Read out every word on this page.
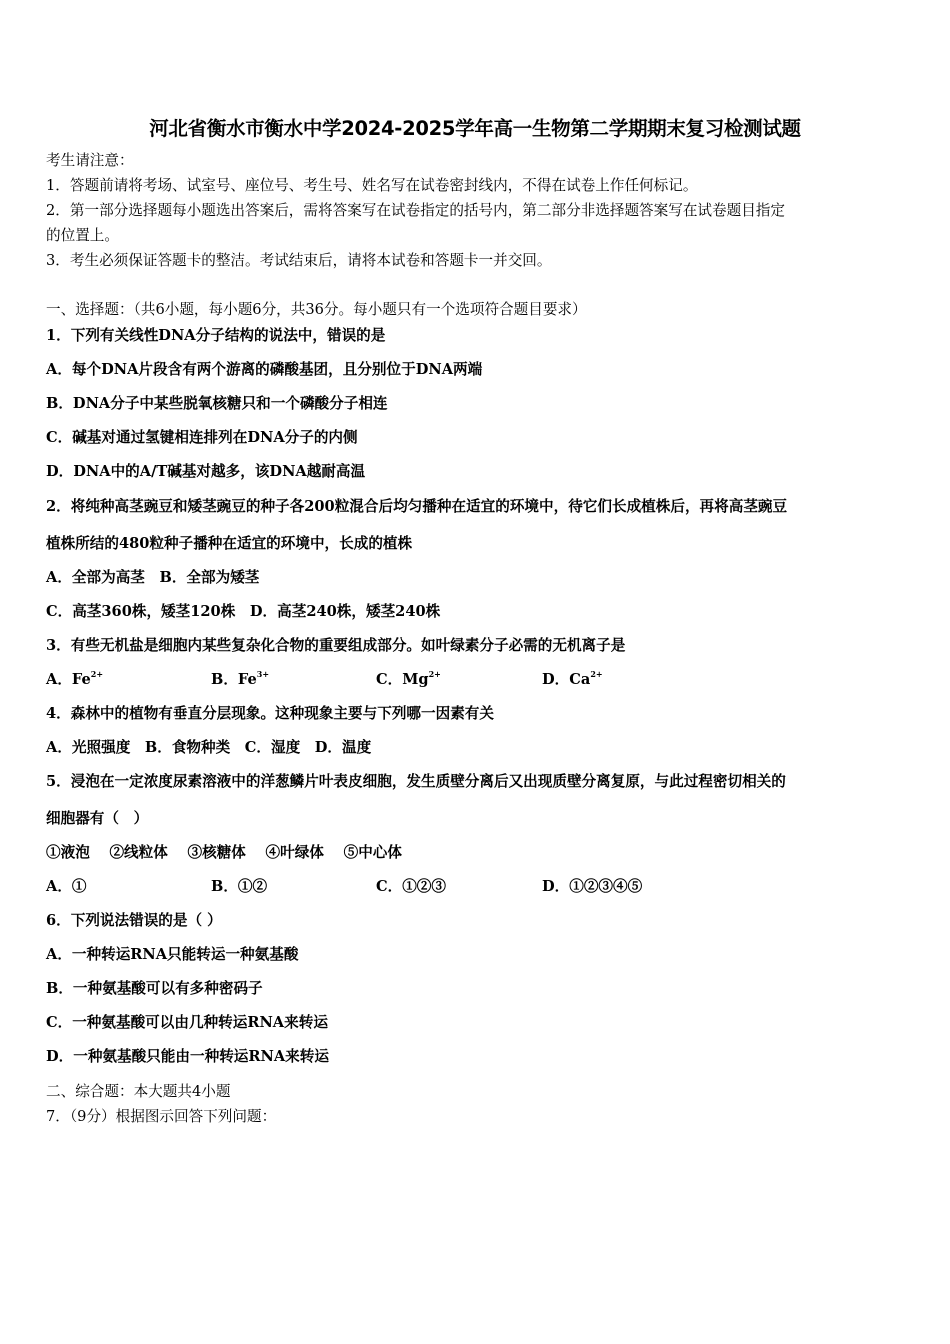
河北省衡水市衡水中学2024-2025学年高一生物第二学期期末复习检测试题
考生请注意：
1．答题前请将考场、试室号、座位号、考生号、姓名写在试卷密封线内，不得在试卷上作任何标记。
2．第一部分选择题每小题选出答案后，需将答案写在试卷指定的括号内，第二部分非选择题答案写在试卷题目指定
的位置上。
3．考生必须保证答题卡的整洁。考试结束后，请将本试卷和答题卡一并交回。
一、选择题：（共6小题，每小题6分，共36分。每小题只有一个选项符合题目要求）
1．下列有关线性DNA分子结构的说法中，错误的是
A．每个DNA片段含有两个游离的磷酸基团，且分别位于DNA两端
B．DNA分子中某些脱氧核糖只和一个磷酸分子相连
C．碱基对通过氢键相连排列在DNA分子的内侧
D．DNA中的A/T碱基对越多，该DNA越耐高温
2．将纯种高茎豌豆和矮茎豌豆的种子各200粒混合后均匀播种在适宜的环境中，待它们长成植株后，再将高茎豌豆
植株所结的480粒种子播种在适宜的环境中，长成的植株
A．全部为高茎　B．全部为矮茎
C．高茎360株，矮茎120株　D．高茎240株，矮茎240株
3．有些无机盐是细胞内某些复杂化合物的重要组成部分。如叶绿素分子必需的无机离子是
A．$Fe^{2+}$	B．$Fe^{3+}$	C．$Mg^{2+}$	D．$Ca^{2+}$
4．森林中的植物有垂直分层现象。这种现象主要与下列哪一因素有关
A．光照强度　B．食物种类　C．湿度　D．温度
5．浸泡在一定浓度尿素溶液中的洋葱鳞片叶表皮细胞，发生质壁分离后又出现质壁分离复原，与此过程密切相关的
细胞器有（　）
①液泡　 ②线粒体　 ③核糖体　 ④叶绿体　 ⑤中心体
A．①	B．①②	C．①②③	D．①②③④⑤
6．下列说法错误的是（ ）
A．一种转运RNA只能转运一种氨基酸
B．一种氨基酸可以有多种密码子
C．一种氨基酸可以由几种转运RNA来转运
D．一种氨基酸只能由一种转运RNA来转运
二、综合题：本大题共4小题
7．（9分）根据图示回答下列问题：
